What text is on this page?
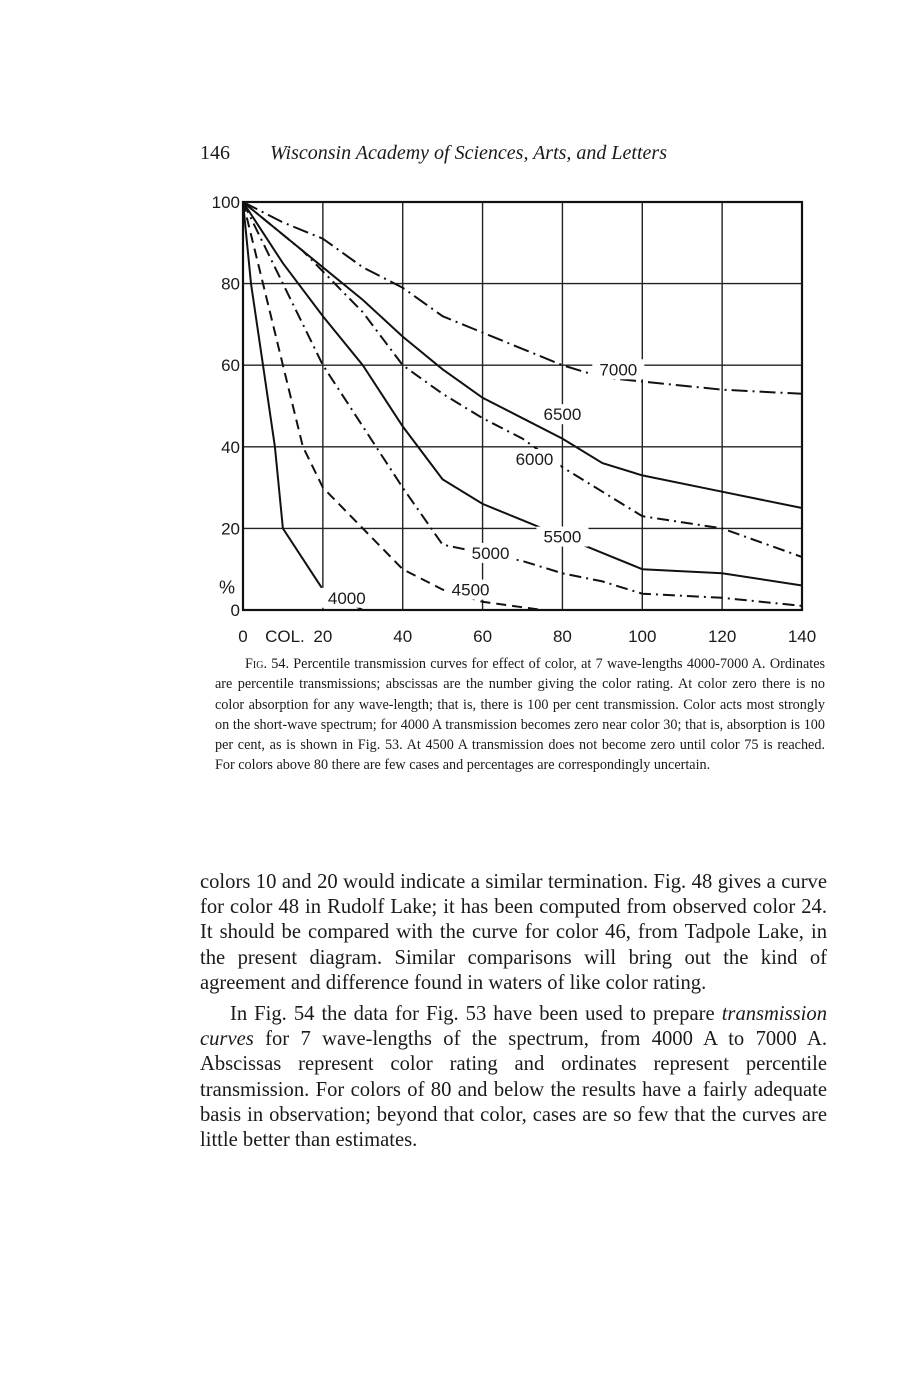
146 Wisconsin Academy of Sciences, Arts, and Letters
0
20
40
60
80
100
%
0	20	40	60	80	100	120	140
COL.
4000	4500
5000
5500
6000
6500
7000
Fig. 54. Percentile transmission curves for effect of color, at 7 wave-lengths 4000-7000 A. Ordinates are percentile transmissions; abscissas are the number giving the color rating. At color zero there is no color absorption for any wave-length; that is, there is 100 per cent transmission. Color acts most strongly on the short-wave spectrum; for 4000 A transmission becomes zero near color 30; that is, absorption is 100 per cent, as is shown in Fig. 53. At 4500 A transmission does not become zero until color 75 is reached. For colors above 80 there are few cases and percentages are correspondingly uncertain.

colors 10 and 20 would indicate a similar termination. Fig. 48 gives a curve for color 48 in Rudolf Lake; it has been computed from observed color 24. It should be compared with the curve for color 46, from Tadpole Lake, in the present diagram. Similar comparisons will bring out the kind of agreement and difference found in waters of like color rating.

In Fig. 54 the data for Fig. 53 have been used to prepare transmission curves for 7 wave-lengths of the spectrum, from 4000 A to 7000 A. Abscissas represent color rating and ordinates represent percentile transmission. For colors of 80 and below the results have a fairly adequate basis in observation; beyond that color, cases are so few that the curves are little better than estimates.
